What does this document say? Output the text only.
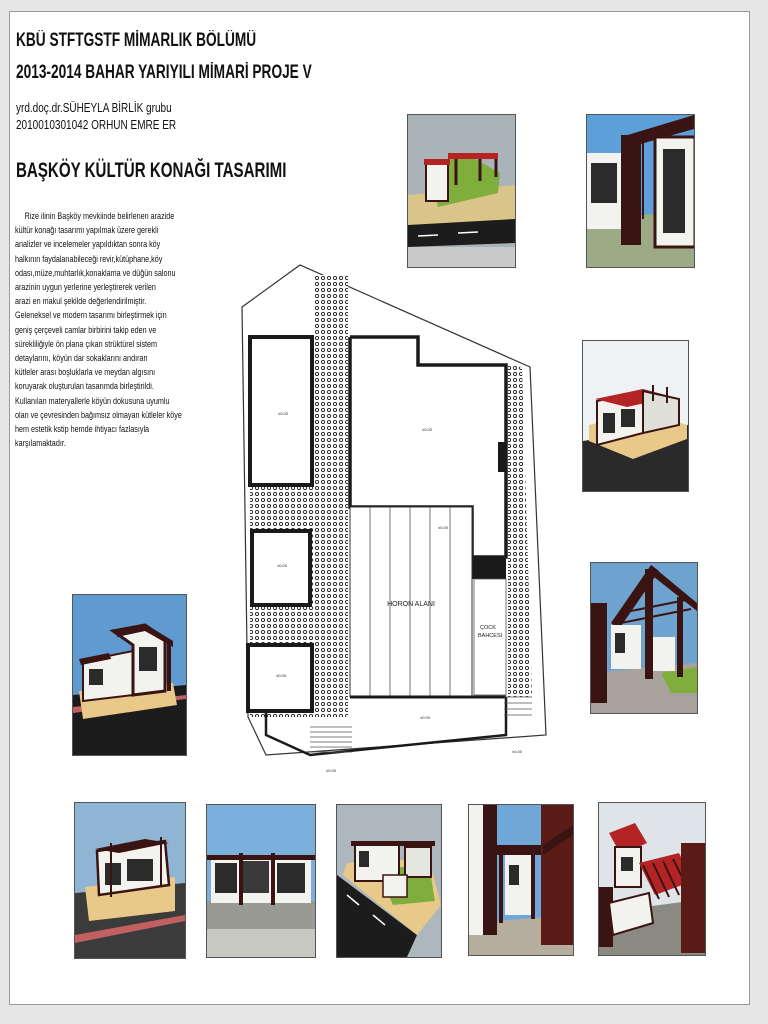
KBÜ STFTGSTF MİMARLIK BÖLÜMÜ
2013-2014 BAHAR YARIYILI MİMARİ PROJE V
yrd.doç.dr.SÜHEYLA BİRLİK grubu
2010010301042 ORHUN EMRE ER
BAŞKÖY KÜLTÜR KONAĞI TASARIMI
Rize ilinin Başköy mevkiinde belirlenen arazide
kültür konağı tasarımı yapılmak üzere gerekli
analizler ve incelemeler yapıldıktan sonra köy
halkının faydalanabileceği revir,kütüphane,köy
odası,müze,muhtarlık,konaklama ve düğün salonu
arazinin uygun yerlerine yerleştirerek verilen
arazi en makul şekilde değerlendirilmiştir.
Geleneksel ve modern tasarımı birleştirmek için
geniş çerçeveli camlar birbirini takip eden ve
sürekliliğiyle ön plana çıkan strüktürel sistem
detaylarını, köyün dar sokaklarını andıran
kütleler arası boşluklarla ve meydan algısını
koruyarak oluşturulan tasarımda birleştirildi.
Kullanılan materyallerle köyün dokusuna uyumlu
olan ve çevresinden bağımsız olmayan kütleler köye
hem estetik kstip hemde ihtiyacı fazlasıyla
karşılamaktadır.
HORON ALANI
ÇOCK
BAHCESI
±0.00
±0.00
±0.00
±0.00
±0.00
±0.00
±0.00
±0.00
